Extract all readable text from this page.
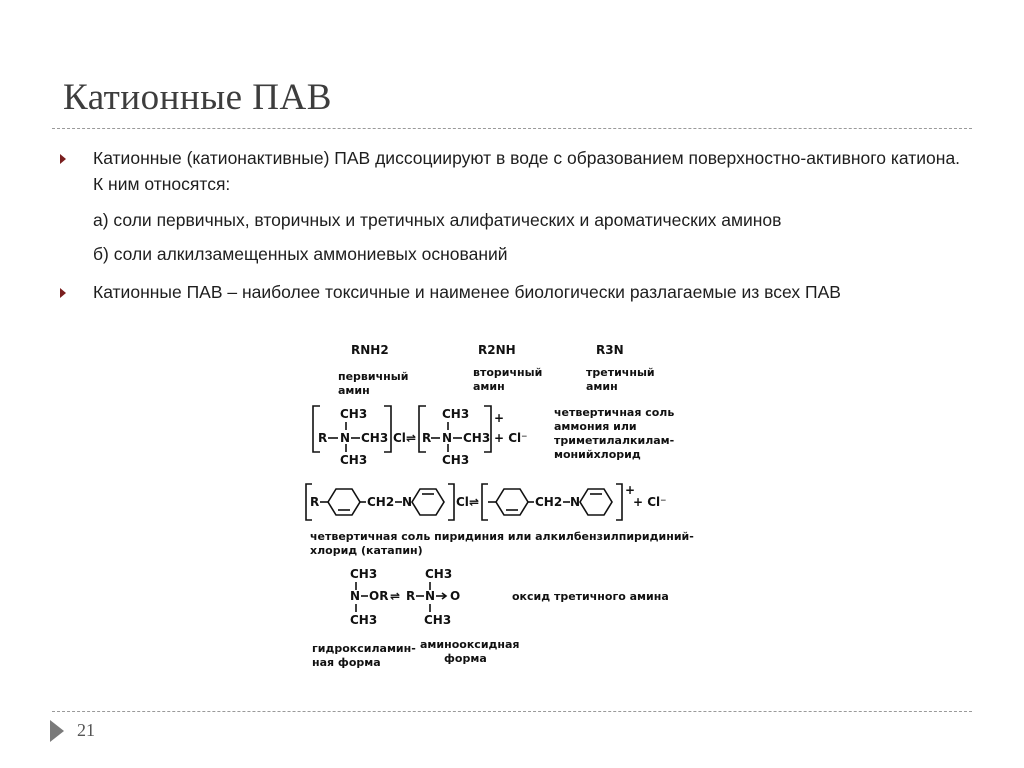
Катионные ПАВ

Катионные (катионактивные) ПАВ диссоциируют в воде с образованием поверхностно-активного катиона. К ним относятся:

а) соли первичных, вторичных и третичных алифатических и ароматических аминов

б) соли алкилзамещенных аммониевых оснований

Катионные ПАВ – наиболее токсичные и наименее биологически разлагаемые из всех ПАВ

RNH2	R2NH	R3N
первичный
амин
вторичный
амин
третичный
амин
CH3
R N CH3
CH3
Cl ⇌
CH3
R N CH3
CH3
+
+ Cl⁻
четвертичная соль
аммония или
триметилалкилам-
монийхлорид
R	CH2 N	Cl ⇌	CH2 N
+
+ Cl⁻
четвертичная соль пиридиния или алкилбензилпиридиний-
хлорид (катапин)
CH3
N OR ⇌
CH3
R N
CH3
CH3
O	оксид третичного амина
гидроксиламин-
ная форма
аминооксидная
форма
21
